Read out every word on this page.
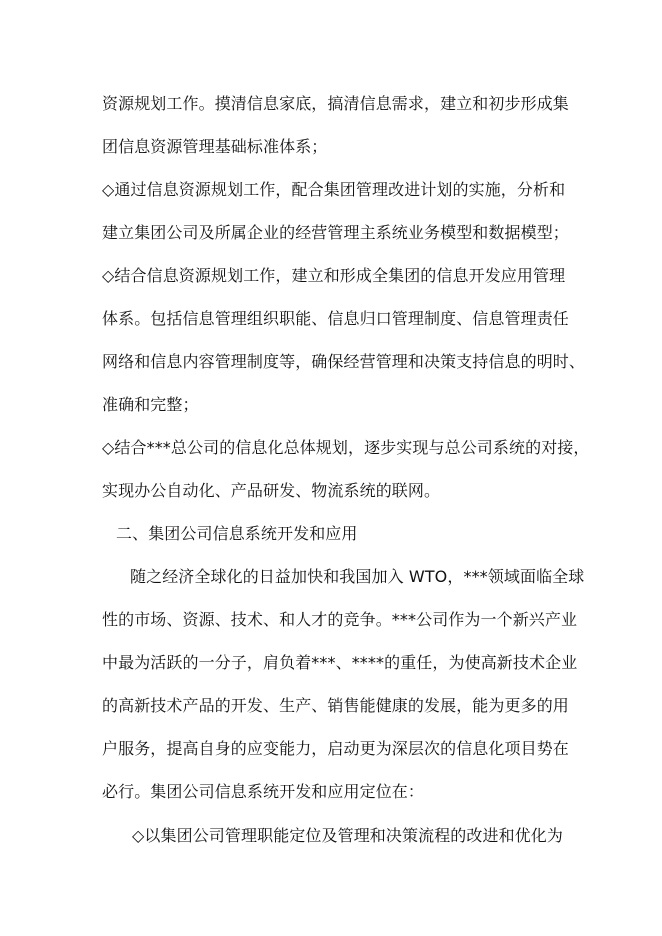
资源规划工作。摸清信息家底，搞清信息需求，建立和初步形成集
团信息资源管理基础标准体系；
◇通过信息资源规划工作，配合集团管理改进计划的实施，分析和
建立集团公司及所属企业的经营管理主系统业务模型和数据模型；
◇结合信息资源规划工作，建立和形成全集团的信息开发应用管理
体系。包括信息管理组织职能、信息归口管理制度、信息管理责任
网络和信息内容管理制度等，确保经营管理和决策支持信息的明时、
准确和完整；
◇结合***总公司的信息化总体规划，逐步实现与总公司系统的对接，
实现办公自动化、产品研发、物流系统的联网。
二、集团公司信息系统开发和应用
随之经济全球化的日益加快和我国加入 WTO，***领域面临全球
性的市场、资源、技术、和人才的竞争。***公司作为一个新兴产业
中最为活跃的一分子，肩负着***、****的重任，为使高新技术企业
的高新技术产品的开发、生产、销售能健康的发展，能为更多的用
户服务，提高自身的应变能力，启动更为深层次的信息化项目势在
必行。集团公司信息系统开发和应用定位在：
◇以集团公司管理职能定位及管理和决策流程的改进和优化为
